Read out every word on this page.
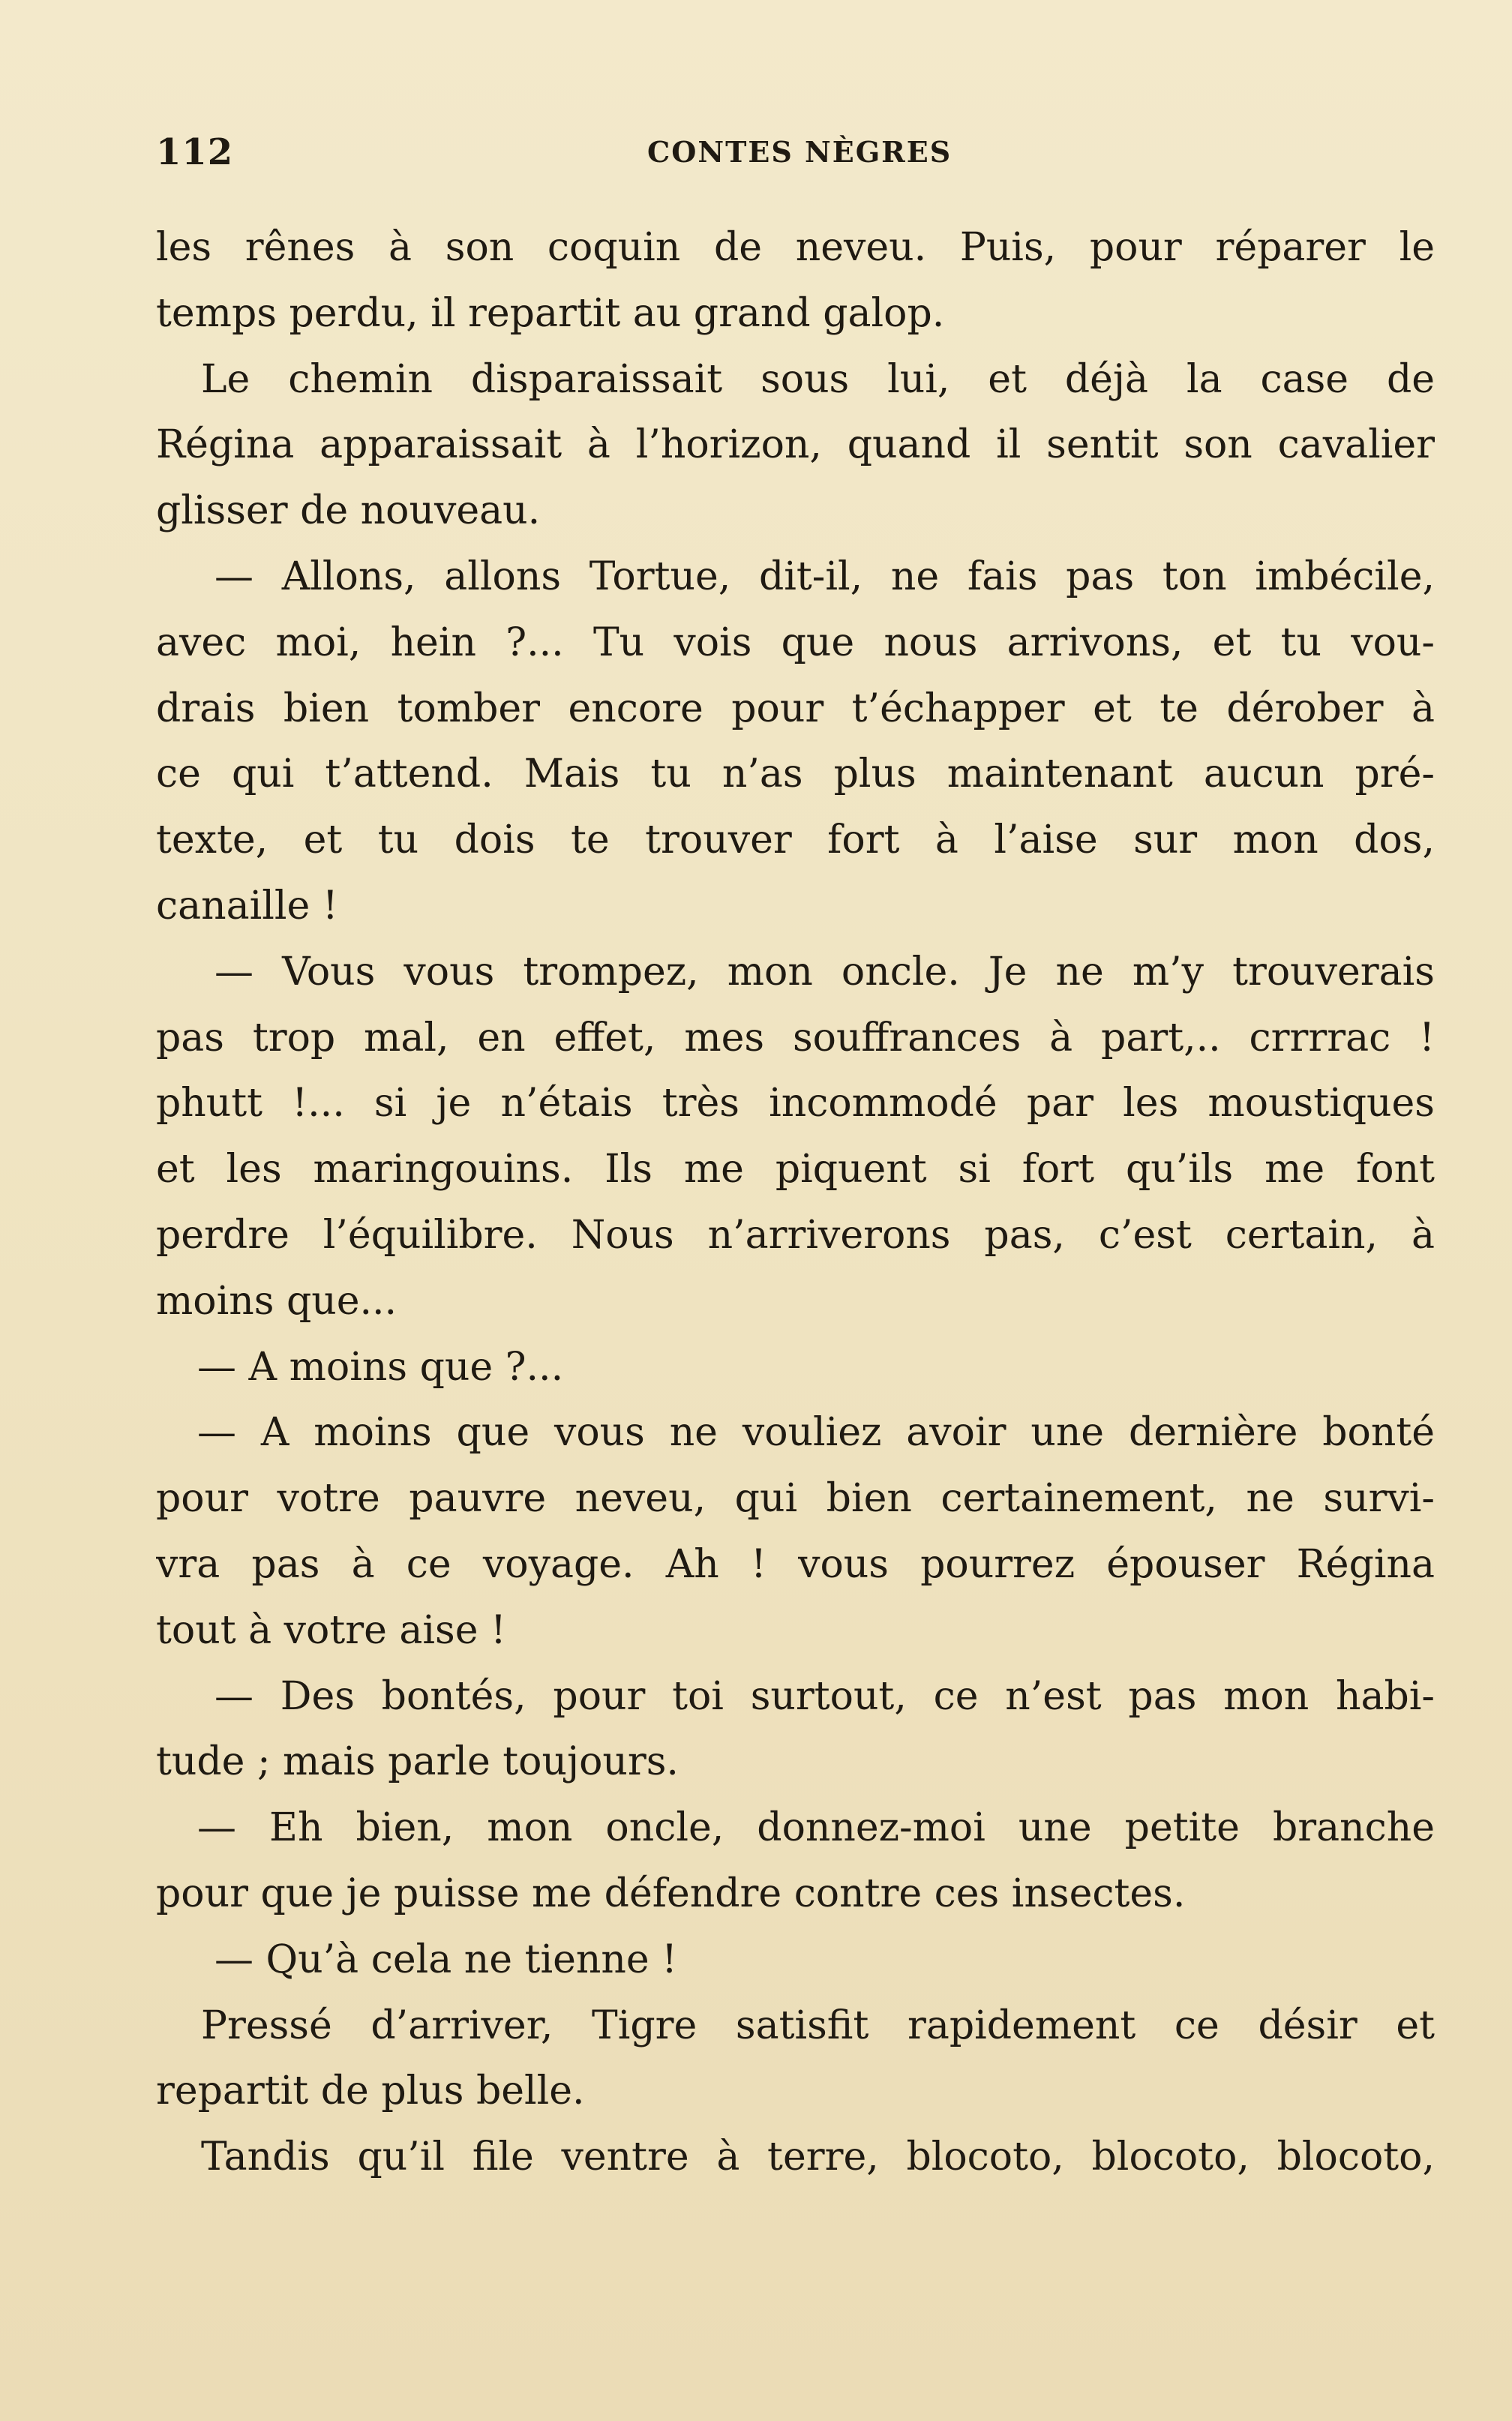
112	CONTES NÈGRES
les rênes à son coquin de neveu. Puis, pour réparer le
temps perdu, il repartit au grand galop.
Le chemin disparaissait sous lui, et déjà la case de
Régina apparaissait à l’horizon, quand il sentit son cavalier
glisser de nouveau.
— Allons, allons Tortue, dit-il, ne fais pas ton imbécile,
avec moi, hein ?... Tu vois que nous arrivons, et tu vou-
drais bien tomber encore pour t’échapper et te dérober à
ce qui t’attend. Mais tu n’as plus maintenant aucun pré-
texte, et tu dois te trouver fort à l’aise sur mon dos,
canaille !
— Vous vous trompez, mon oncle. Je ne m’y trouverais
pas trop mal, en effet, mes souffrances à part,.. crrrrac !
phutt !... si je n’étais très incommodé par les moustiques
et les maringouins. Ils me piquent si fort qu’ils me font
perdre l’équilibre. Nous n’arriverons pas, c’est certain, à
moins que...
— A moins que ?...
— A moins que vous ne vouliez avoir une dernière bonté
pour votre pauvre neveu, qui bien certainement, ne survi-
vra pas à ce voyage. Ah ! vous pourrez épouser Régina
tout à votre aise !
— Des bontés, pour toi surtout, ce n’est pas mon habi-
tude ; mais parle toujours.
— Eh bien, mon oncle, donnez-moi une petite branche
pour que je puisse me défendre contre ces insectes.
— Qu’à cela ne tienne !
Pressé d’arriver, Tigre satisfit rapidement ce désir et
repartit de plus belle.
Tandis qu’il file ventre à terre, blocoto, blocoto, blocoto,
